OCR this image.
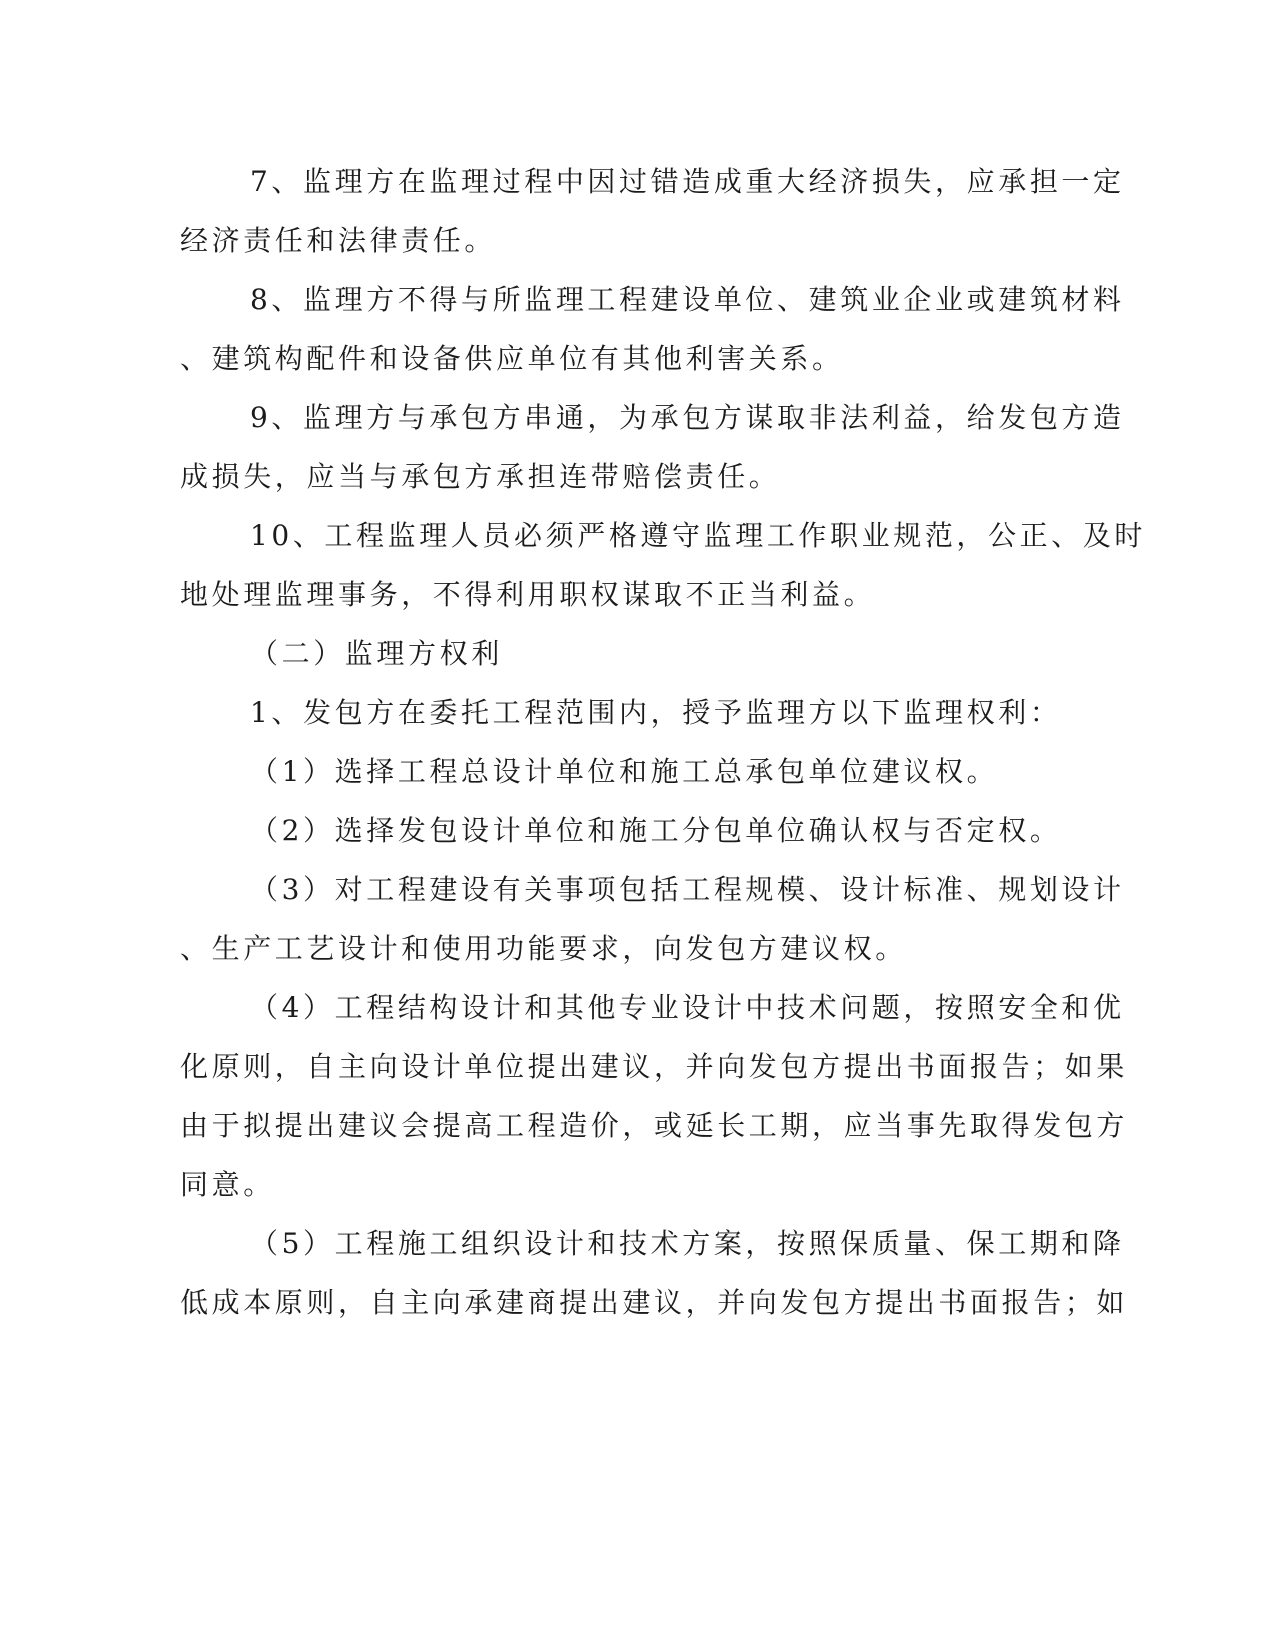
7、监理方在监理过程中因过错造成重大经济损失，应承担一定
经济责任和法律责任。
8、监理方不得与所监理工程建设单位、建筑业企业或建筑材料
、建筑构配件和设备供应单位有其他利害关系。
9、监理方与承包方串通，为承包方谋取非法利益，给发包方造
成损失，应当与承包方承担连带赔偿责任。
10、工程监理人员必须严格遵守监理工作职业规范，公正、及时
地处理监理事务，不得利用职权谋取不正当利益。
（二）监理方权利
1、发包方在委托工程范围内，授予监理方以下监理权利：
（1）选择工程总设计单位和施工总承包单位建议权。
（2）选择发包设计单位和施工分包单位确认权与否定权。
（3）对工程建设有关事项包括工程规模、设计标准、规划设计
、生产工艺设计和使用功能要求，向发包方建议权。
（4）工程结构设计和其他专业设计中技术问题，按照安全和优
化原则，自主向设计单位提出建议，并向发包方提出书面报告；如果
由于拟提出建议会提高工程造价，或延长工期，应当事先取得发包方
同意。
（5）工程施工组织设计和技术方案，按照保质量、保工期和降
低成本原则，自主向承建商提出建议，并向发包方提出书面报告；如
